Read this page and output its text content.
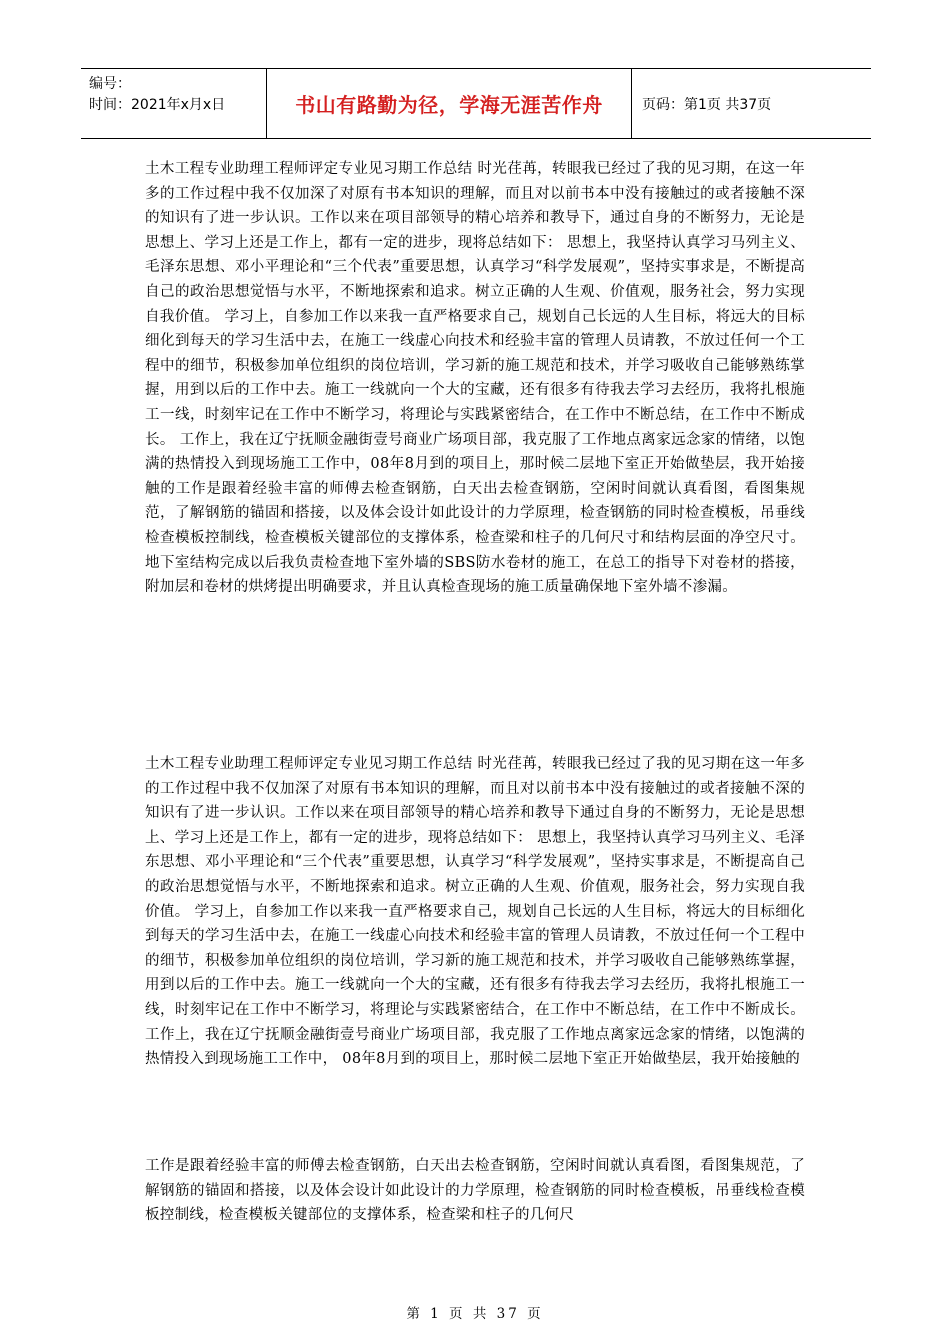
编号：
时间：2021年x月x日	书山有路勤为径，学海无涯苦作舟	页码：第1页 共37页

土木工程专业助理工程师评定专业见习期工作总结 时光荏苒，转眼我已经过了我的见习期，在这一年多的工作过程中我不仅加深了对原有书本知识的理解，而且对以前书本中没有接触过的或者接触不深的知识有了进一步认识。工作以来在项目部领导的精心培养和教导下，通过自身的不断努力，无论是思想上、学习上还是工作上，都有一定的进步，现将总结如下： 思想上，我坚持认真学习马列主义、毛泽东思想、邓小平理论和“三个代表”重要思想，认真学习“科学发展观”，坚持实事求是，不断提高自己的政治思想觉悟与水平，不断地探索和追求。树立正确的人生观、价值观，服务社会，努力实现自我价值。 学习上，自参加工作以来我一直严格要求自己，规划自己长远的人生目标，将远大的目标细化到每天的学习生活中去，在施工一线虚心向技术和经验丰富的管理人员请教，不放过任何一个工程中的细节，积极参加单位组织的岗位培训，学习新的施工规范和技术，并学习吸收自己能够熟练掌握，用到以后的工作中去。施工一线就向一个大的宝藏，还有很多有待我去学习去经历，我将扎根施工一线，时刻牢记在工作中不断学习，将理论与实践紧密结合，在工作中不断总结，在工作中不断成长。 工作上，我在辽宁抚顺金融街壹号商业广场项目部，我克服了工作地点离家远念家的情绪，以饱满的热情投入到现场施工工作中，08年8月到的项目上，那时候二层地下室正开始做垫层，我开始接触的工作是跟着经验丰富的师傅去检查钢筋，白天出去检查钢筋，空闲时间就认真看图，看图集规范，了解钢筋的锚固和搭接，以及体会设计如此设计的力学原理，检查钢筋的同时检查模板，吊垂线检查模板控制线，检查模板关键部位的支撑体系，检查梁和柱子的几何尺寸和结构层面的净空尺寸。地下室结构完成以后我负责检查地下室外墙的SBS防水卷材的施工，在总工的指导下对卷材的搭接，附加层和卷材的烘烤提出明确要求，并且认真检查现场的施工质量确保地下室外墙不渗漏。

土木工程专业助理工程师评定专业见习期工作总结 时光荏苒，转眼我已经过了我的见习期在这一年多的工作过程中我不仅加深了对原有书本知识的理解，而且对以前书本中没有接触过的或者接触不深的知识有了进一步认识。工作以来在项目部领导的精心培养和教导下通过自身的不断努力，无论是思想上、学习上还是工作上，都有一定的进步，现将总结如下： 思想上，我坚持认真学习马列主义、毛泽东思想、邓小平理论和“三个代表”重要思想，认真学习“科学发展观”，坚持实事求是，不断提高自己的政治思想觉悟与水平，不断地探索和追求。树立正确的人生观、价值观，服务社会，努力实现自我价值。 学习上，自参加工作以来我一直严格要求自己，规划自己长远的人生目标，将远大的目标细化到每天的学习生活中去，在施工一线虚心向技术和经验丰富的管理人员请教，不放过任何一个工程中的细节，积极参加单位组织的岗位培训，学习新的施工规范和技术，并学习吸收自己能够熟练掌握，用到以后的工作中去。施工一线就向一个大的宝藏，还有很多有待我去学习去经历，我将扎根施工一线，时刻牢记在工作中不断学习，将理论与实践紧密结合，在工作中不断总结，在工作中不断成长。 工作上，我在辽宁抚顺金融街壹号商业广场项目部，我克服了工作地点离家远念家的情绪，以饱满的热情投入到现场施工工作中， 08年8月到的项目上，那时候二层地下室正开始做垫层，我开始接触的

工作是跟着经验丰富的师傅去检查钢筋，白天出去检查钢筋，空闲时间就认真看图，看图集规范，了解钢筋的锚固和搭接，以及体会设计如此设计的力学原理，检查钢筋的同时检查模板，吊垂线检查模板控制线，检查模板关键部位的支撑体系，检查梁和柱子的几何尺

第 1 页 共 37 页
